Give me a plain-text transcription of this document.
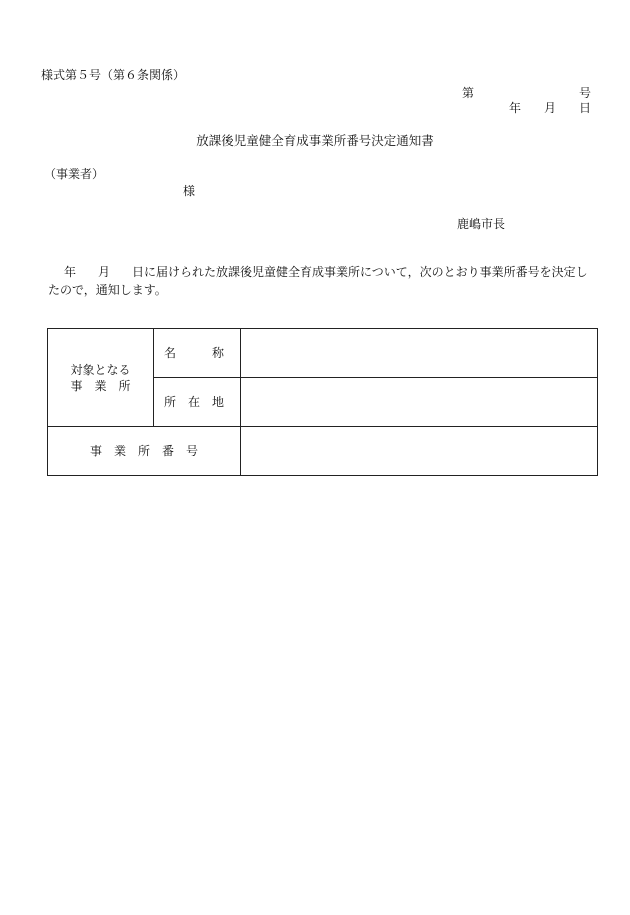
様式第５号（第６条関係）
第	号
年 月 日
放課後児童健全育成事業所番号決定通知書
（事業者）
様
鹿嶋市長
年 月 日に届けられた放課後児童健全育成事業所について，次のとおり事業所番号を決定したので，通知します。
対象となる
事　業　所	名　　　称	
	所　在　地	
事　業　所　番　号		
